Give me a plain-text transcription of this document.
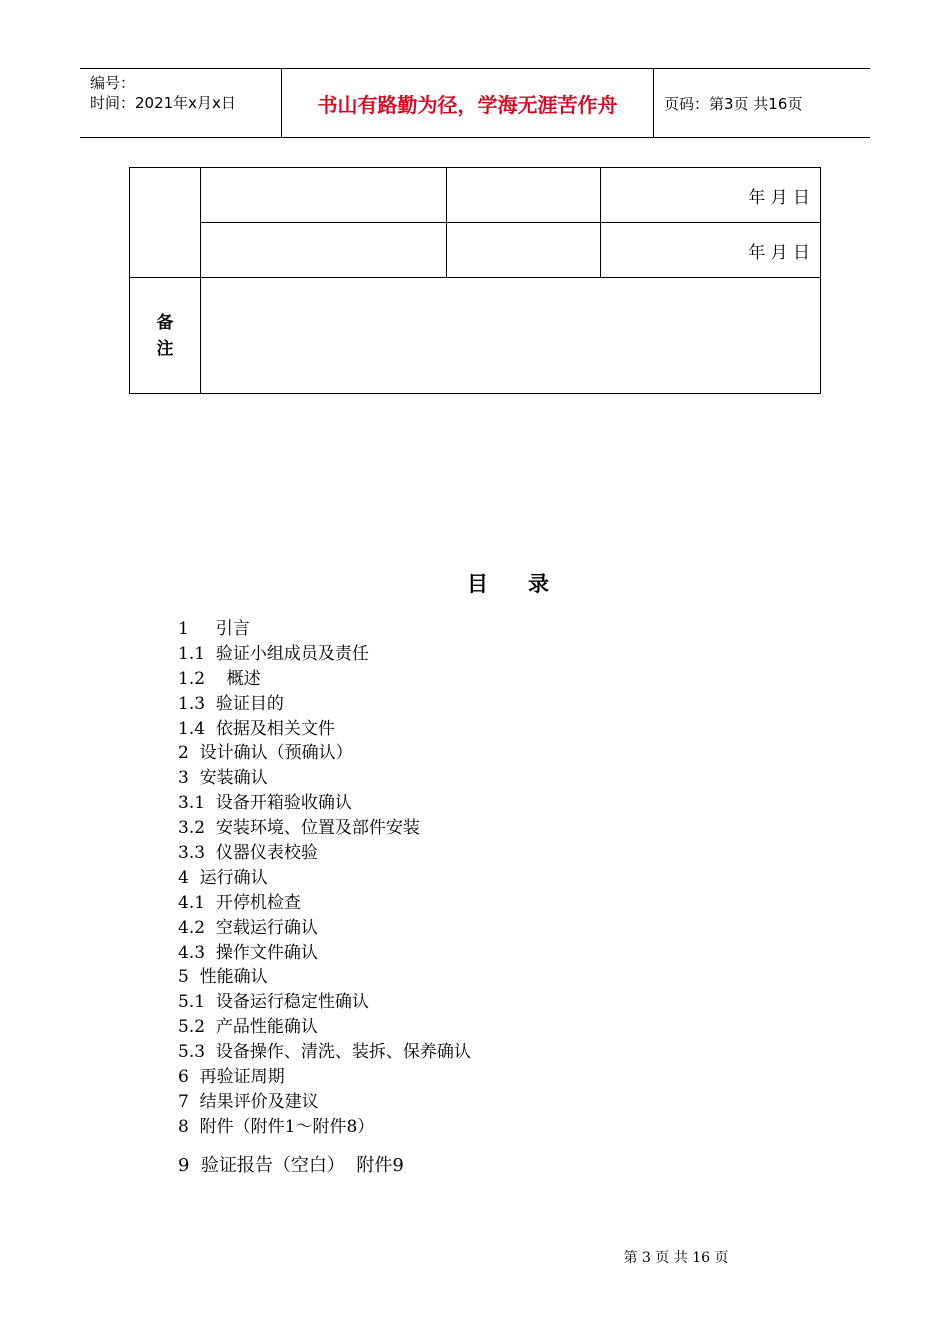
编号：
时间：2021年x月x日	书山有路勤为径，学海无涯苦作舟	页码：第3页 共16页
			年 月 日
			年 月 日

备
注			

目 录
1     引言
1.1  验证小组成员及责任
1.2    概述
1.3  验证目的
1.4  依据及相关文件
2  设计确认（预确认）
3  安装确认
3.1  设备开箱验收确认
3.2  安装环境、位置及部件安装
3.3  仪器仪表校验
4  运行确认
4.1  开停机检查
4.2  空载运行确认
4.3  操作文件确认
5  性能确认
5.1  设备运行稳定性确认
5.2  产品性能确认
5.3  设备操作、清洗、装拆、保养确认
6  再验证周期
7  结果评价及建议
8  附件（附件1～附件8）
9  验证报告（空白）  附件9
第 3 页 共 16 页
